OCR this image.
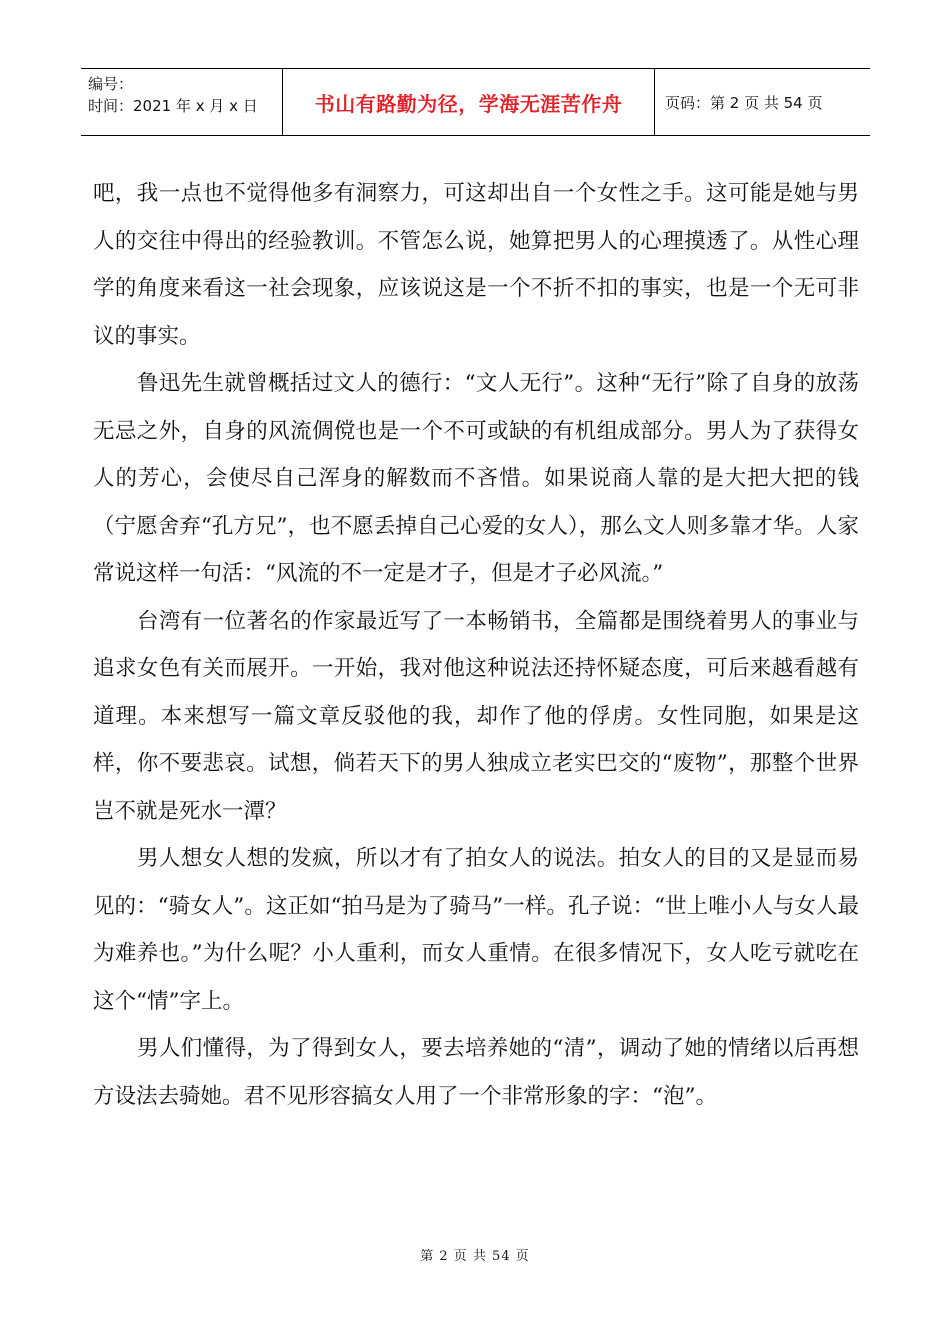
编号：
时间：2021 年 x 月 x 日	书山有路勤为径，学海无涯苦作舟	页码：第 2 页 共 54 页

吧，我一点也不觉得他多有洞察力，可这却出自一个女性之手。这可能是她与男人的交往中得出的经验教训。不管怎么说，她算把男人的心理摸透了。从性心理学的角度来看这一社会现象，应该说这是一个不折不扣的事实，也是一个无可非议的事实。

鲁迅先生就曾概括过文人的德行：“文人无行”。这种“无行”除了自身的放荡无忌之外，自身的风流倜傥也是一个不可或缺的有机组成部分。男人为了获得女人的芳心，会使尽自己浑身的解数而不吝惜。如果说商人靠的是大把大把的钱（宁愿舍弃“孔方兄”，也不愿丢掉自己心爱的女人），那么文人则多靠才华。人家常说这样一句活：“风流的不一定是才子，但是才子必风流。”

台湾有一位著名的作家最近写了一本畅销书，全篇都是围绕着男人的事业与追求女色有关而展开。一开始，我对他这种说法还持怀疑态度，可后来越看越有道理。本来想写一篇文章反驳他的我，却作了他的俘虏。女性同胞，如果是这样，你不要悲哀。试想，倘若天下的男人独成立老实巴交的“废物”，那整个世界岂不就是死水一潭？

男人想女人想的发疯，所以才有了拍女人的说法。拍女人的目的又是显而易见的：“骑女人”。这正如“拍马是为了骑马”一样。孔子说：“世上唯小人与女人最为难养也。”为什么呢？小人重利，而女人重情。在很多情况下，女人吃亏就吃在这个“情”字上。

男人们懂得，为了得到女人，要去培养她的“清”，调动了她的情绪以后再想方设法去骑她。君不见形容搞女人用了一个非常形象的字：“泡”。

第 2 页 共 54 页
